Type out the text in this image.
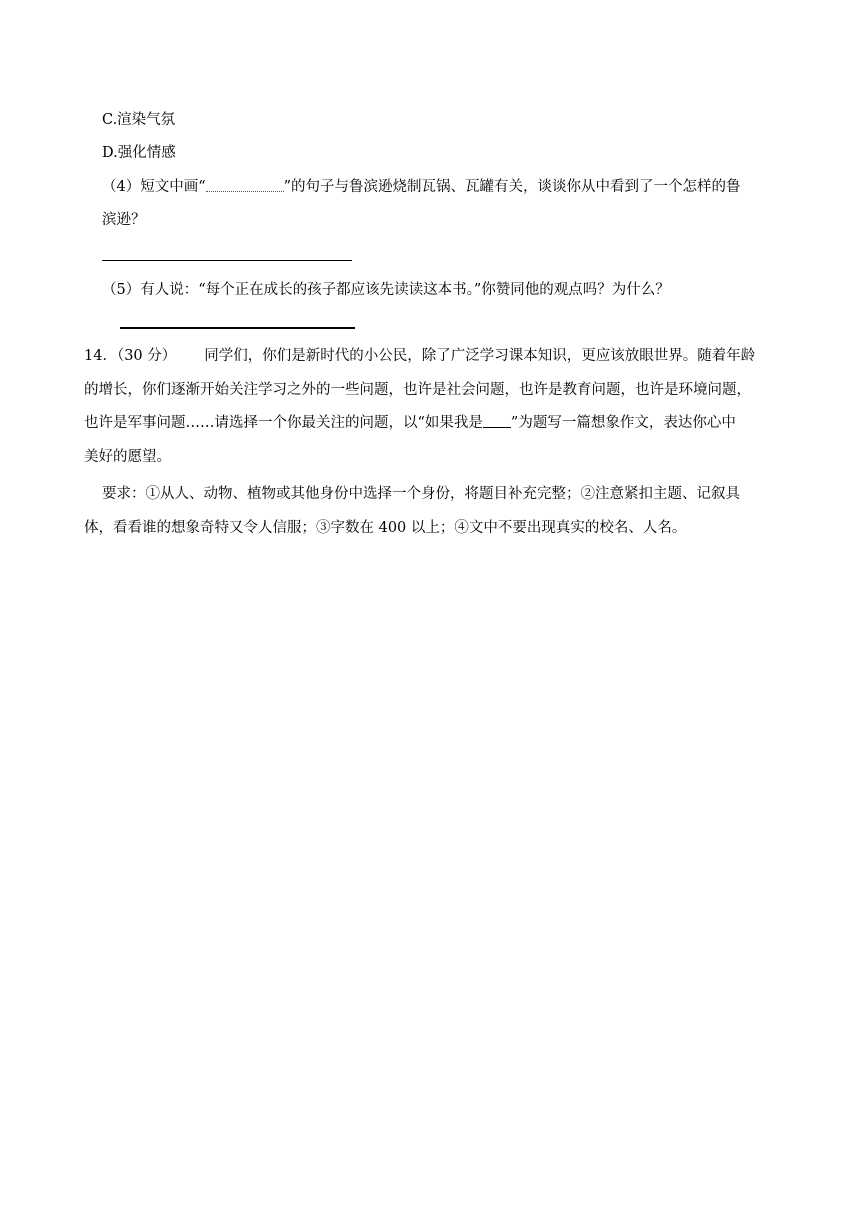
C.渲染气氛
D.强化情感
（4）短文中画“	”的句子与鲁滨逊烧制瓦锅、瓦罐有关，谈谈你从中看到了一个怎样的鲁
滨逊？
（5）有人说：“每个正在成长的孩子都应该先读读这本书。”你赞同他的观点吗？为什么？
14．（30 分） 同学们，你们是新时代的小公民，除了广泛学习课本知识，更应该放眼世界。随着年龄
的增长，你们逐渐开始关注学习之外的一些问题，也许是社会问题，也许是教育问题，也许是环境问题，
也许是军事问题……请选择一个你最关注的问题，以“如果我是 ”为题写一篇想象作文，表达你心中
美好的愿望。
要求：①从人、动物、植物或其他身份中选择一个身份，将题目补充完整；②注意紧扣主题、记叙具
体，看看谁的想象奇特又令人信服；③字数在 400 以上；④文中不要出现真实的校名、人名。
